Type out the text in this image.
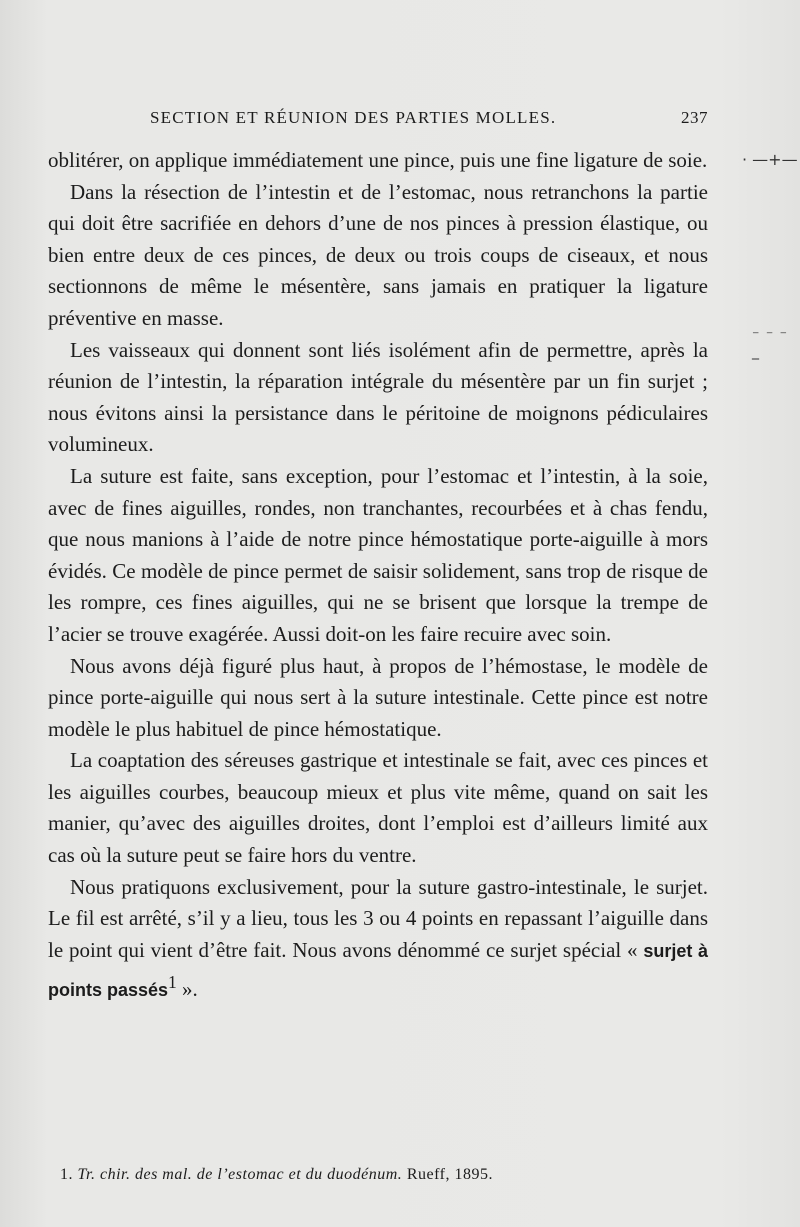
SECTION ET RÉUNION DES PARTIES MOLLES.	237
· —+—
⁻ ⁻ ⁻ _

oblitérer, on applique immédiatement une pince, puis une fine ligature de soie.

Dans la résection de l’intestin et de l’estomac, nous retranchons la partie qui doit être sacrifiée en dehors d’une de nos pinces à pression élastique, ou bien entre deux de ces pinces, de deux ou trois coups de ciseaux, et nous sectionnons de même le mésentère, sans jamais en pratiquer la ligature préventive en masse.

Les vaisseaux qui donnent sont liés isolément afin de permettre, après la réunion de l’intestin, la réparation intégrale du mésentère par un fin surjet ; nous évitons ainsi la persistance dans le péritoine de moignons pédiculaires volumineux.

La suture est faite, sans exception, pour l’estomac et l’intestin, à la soie, avec de fines aiguilles, rondes, non tranchantes, recourbées et à chas fendu, que nous manions à l’aide de notre pince hémostatique porte-aiguille à mors évidés. Ce modèle de pince permet de saisir solidement, sans trop de risque de les rompre, ces fines aiguilles, qui ne se brisent que lorsque la trempe de l’acier se trouve exagérée. Aussi doit-on les faire recuire avec soin.

Nous avons déjà figuré plus haut, à propos de l’hémostase, le modèle de pince porte-aiguille qui nous sert à la suture intestinale. Cette pince est notre modèle le plus habituel de pince hémostatique.

La coaptation des séreuses gastrique et intestinale se fait, avec ces pinces et les aiguilles courbes, beaucoup mieux et plus vite même, quand on sait les manier, qu’avec des aiguilles droites, dont l’emploi est d’ailleurs limité aux cas où la suture peut se faire hors du ventre.

Nous pratiquons exclusivement, pour la suture gastro-intestinale, le surjet. Le fil est arrêté, s’il y a lieu, tous les 3 ou 4 points en repassant l’aiguille dans le point qui vient d’être fait. Nous avons dénommé ce surjet spécial « surjet à points passés$^1$ ».

1. Tr. chir. des mal. de l’estomac et du duodénum. Rueff, 1895.
